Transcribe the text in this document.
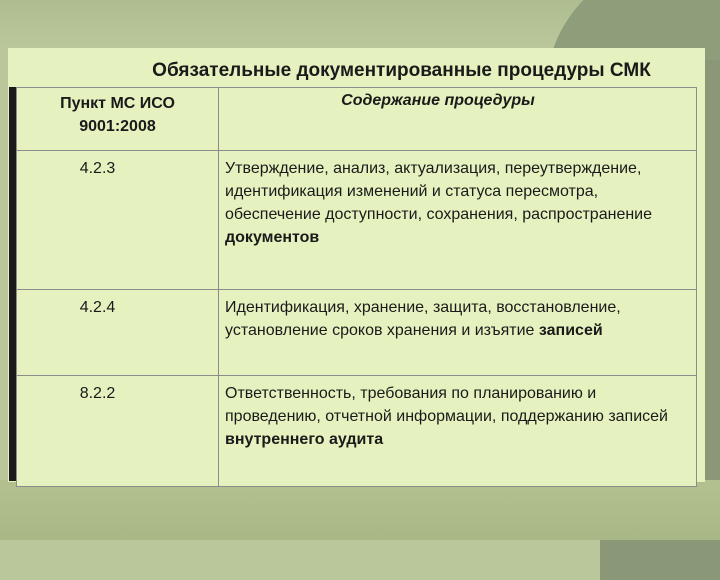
Обязательные документированные процедуры СМК
Пункт МС ИСО 9001:2008	Содержание процедуры
4.2.3	Утверждение, анализ, актуализация, переутверждение, идентификация изменений и статуса пересмотра, обеспечение доступности, сохранения, распространение документов
4.2.4	Идентификация, хранение, защита, восстановление, установление сроков хранения и изъятие записей
8.2.2	Ответственность, требования по планированию и проведению, отчетной информации, поддержанию записей внутреннего аудита
